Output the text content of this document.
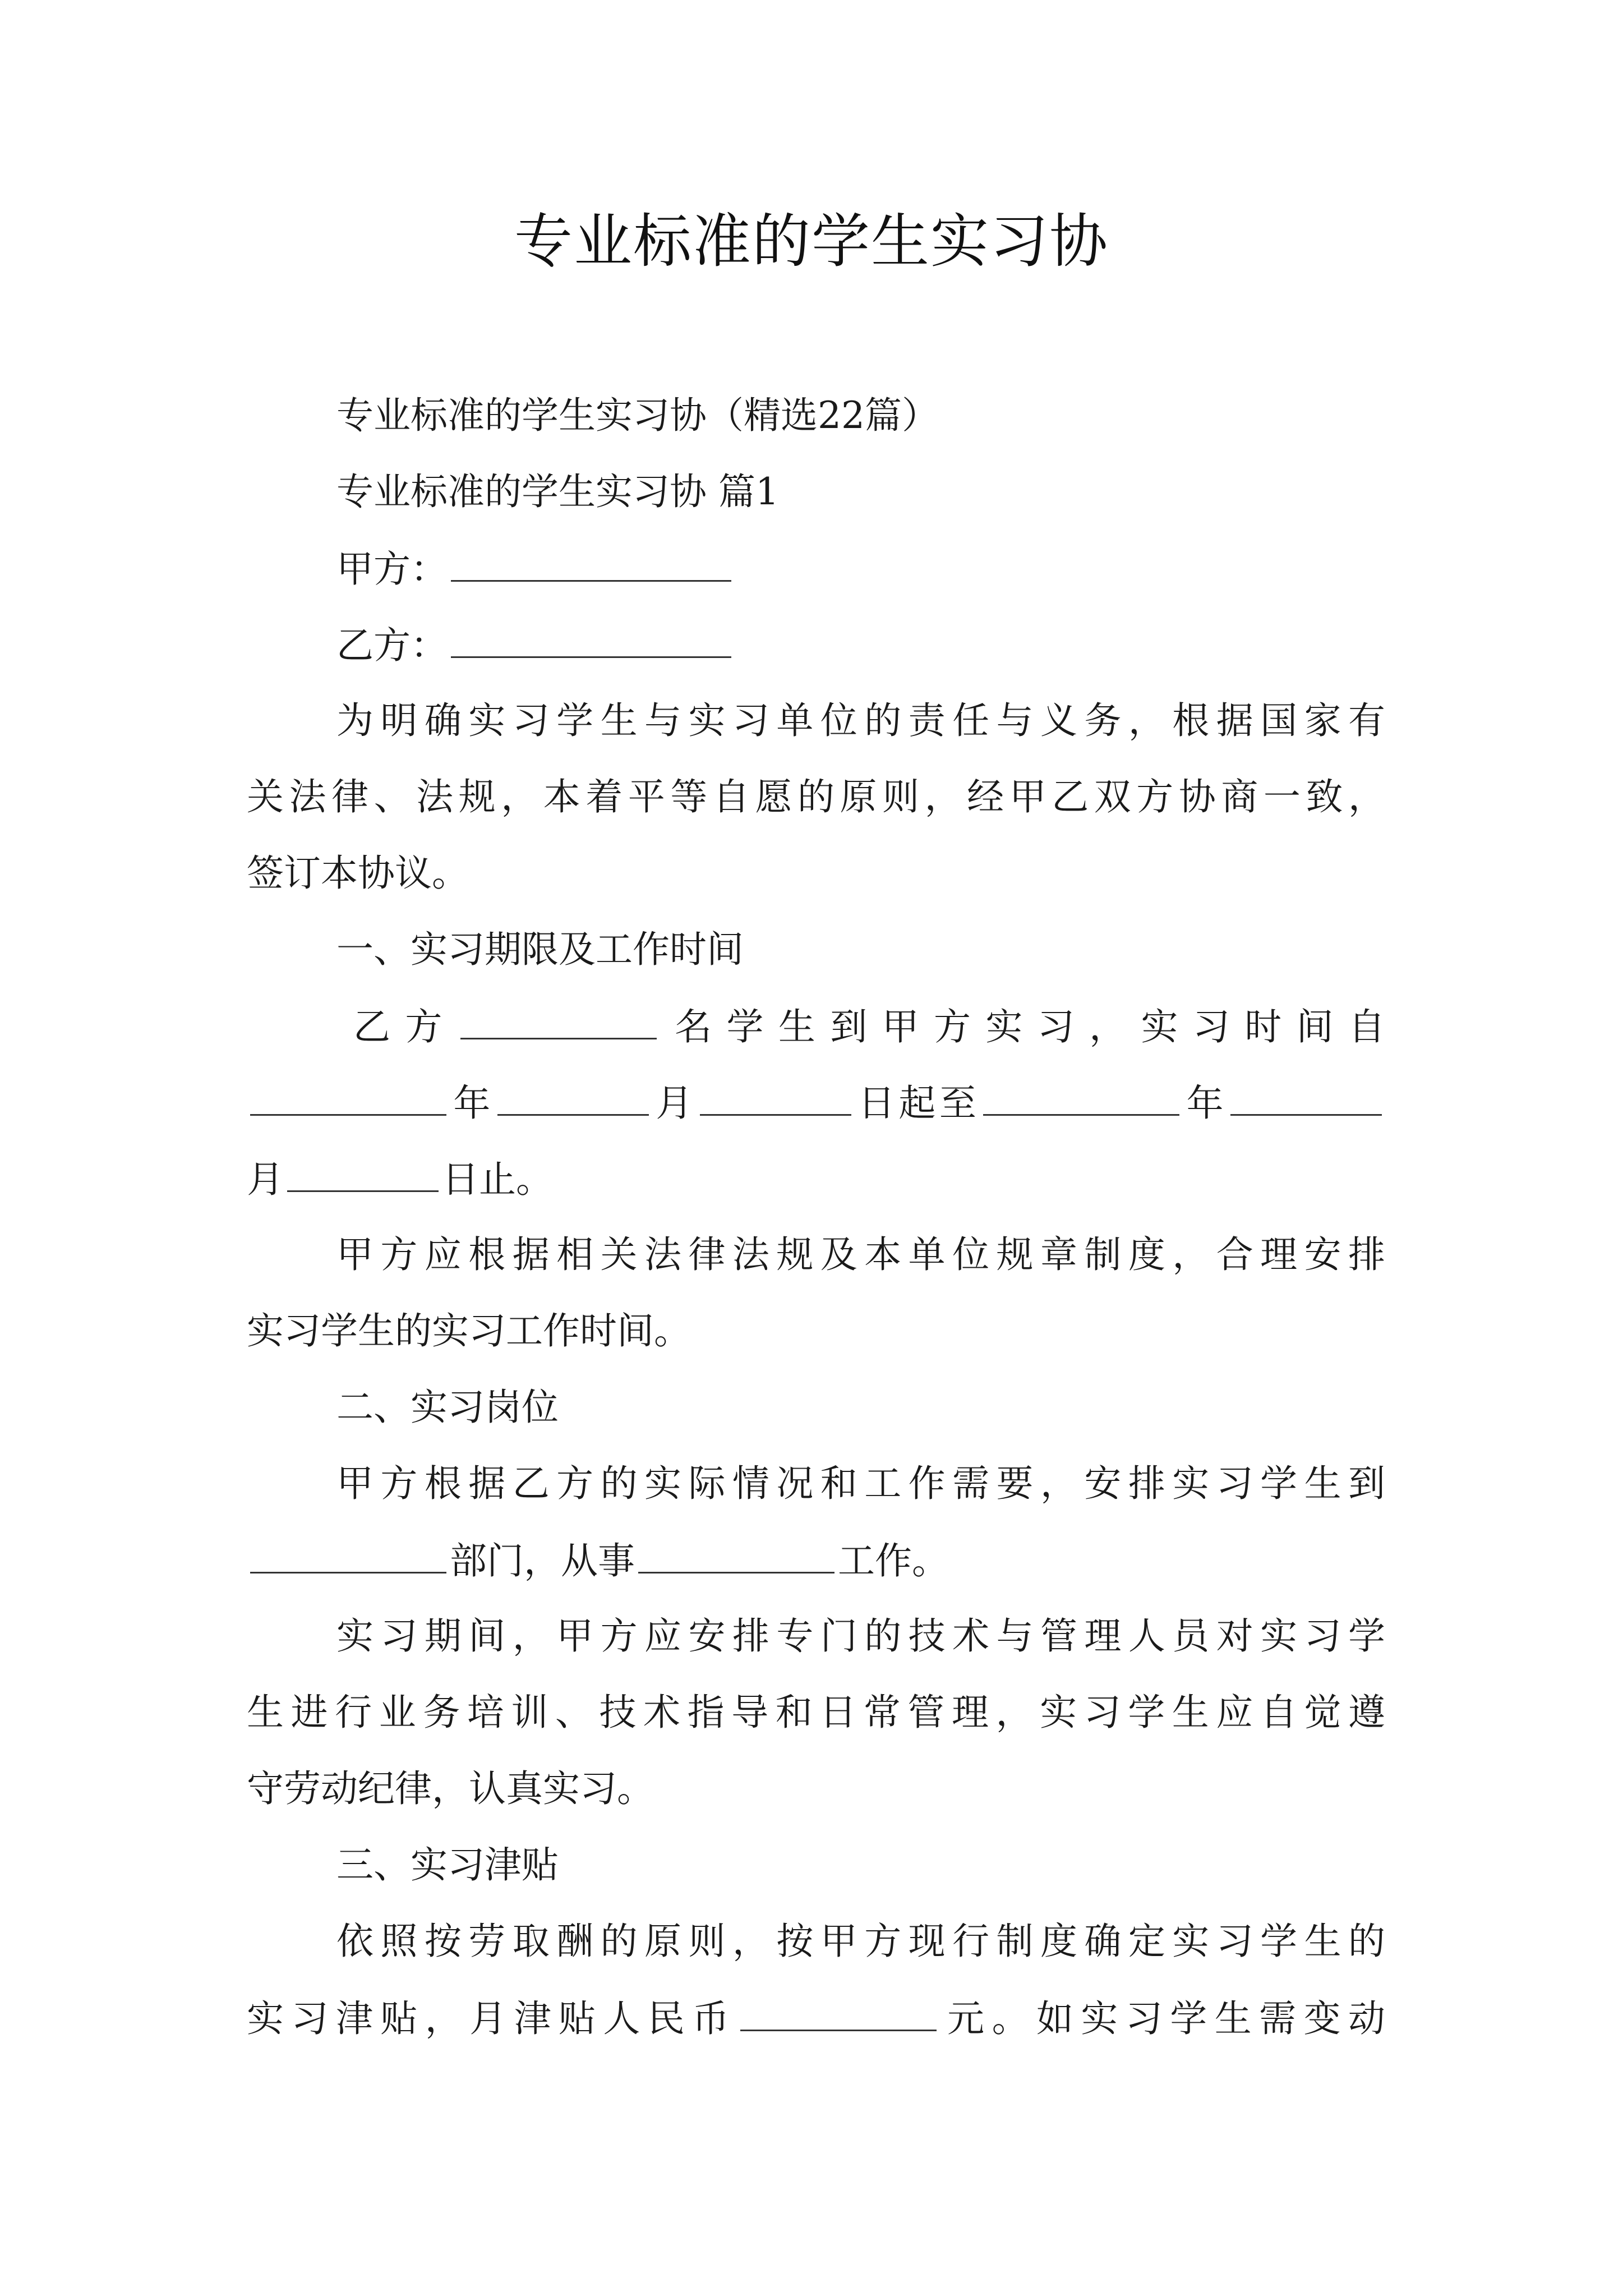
专业标准的学生实习协
专业标准的学生实习协（精选22篇）
专业标准的学生实习协 篇1
甲方：
乙方：
为明确实习学生与实习单位的责任与义务，根据国家有
关法律、法规，本着平等自愿的原则，经甲乙双方协商一致，
签订本协议。
一、实习期限及工作时间
乙方	名学生到甲方实习，实习时间自
年	月	日起至	年
月	日止。
甲方应根据相关法律法规及本单位规章制度，合理安排
实习学生的实习工作时间。
二、实习岗位
甲方根据乙方的实际情况和工作需要，安排实习学生到
部门，从事	工作。
实习期间，甲方应安排专门的技术与管理人员对实习学
生进行业务培训、技术指导和日常管理，实习学生应自觉遵
守劳动纪律，认真实习。
三、实习津贴
依照按劳取酬的原则，按甲方现行制度确定实习学生的
实习津贴，月津贴人民币	元。如实习学生需变动
